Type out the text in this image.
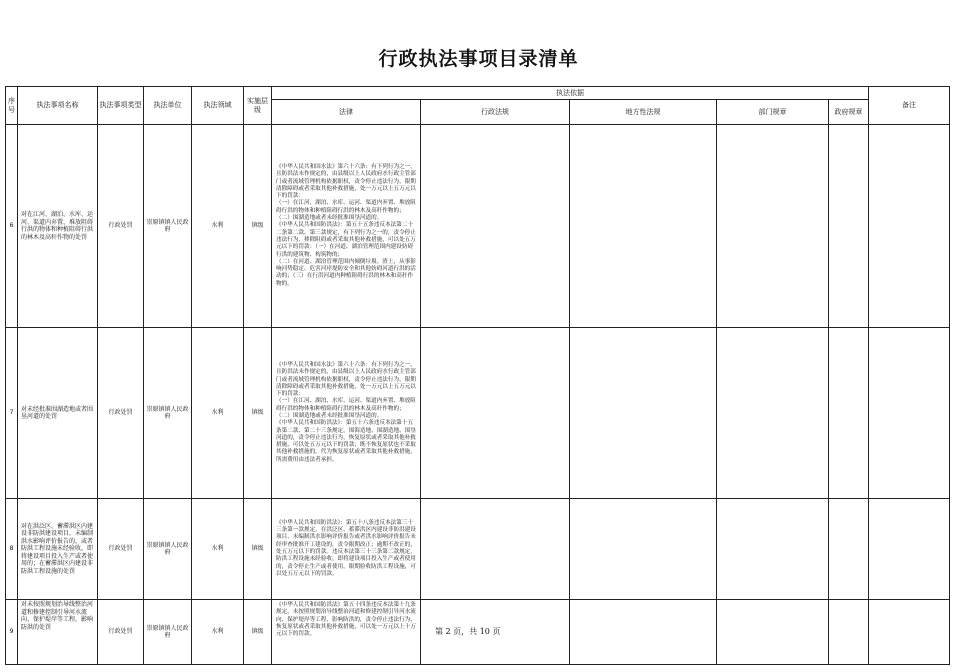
行政执法事项目录清单
序号	执法事项名称	执法事项类型	执法单位	执法领域	实施层级	执法依据					备注
						法律	行政法规	地方性法规	部门规章	政府规章	
6	对在江河、湖泊、水库、运河、渠道内弃置、堆放阻碍行洪的物体和种植阻碍行洪的林木及高秆作物的处罚	行政处罚	崇原镇镇人民政府	水利	镇级	《中华人民共和国水法》第六十六条：有下列行为之一，且防洪法未作规定的，由县级以上人民政府水行政主管部门或者流域管理机构依据职权，责令停止违法行为，限期清除障碍或者采取其他补救措施，处一万元以上五万元以下的罚款：
（一）在江河、湖泊、水库、运河、渠道内弃置、堆放阻碍行洪的物体和种植阻碍行洪的林木及高秆作物的；
（二）围湖造地或者未经批准围垦河道的。
《中华人民共和国防洪法》：第五十五条违反本法第二十二条第二款、第三款规定，有下列行为之一的，责令停止违法行为，排除阻碍或者采取其他补救措施，可以处五万元以下的罚款：（一）在河道、湖泊管理范围内建设妨碍行洪的建筑物、构筑物的；
（二）在河道、湖泊管理范围内倾倒垃圾、渣土，从事影响河势稳定、危害河岸堤防安全和其他妨碍河道行洪的活动的；（三）在行洪河道内种植阻碍行洪的林木和高秆作物的。					
7	对未经批准围湖造地或者围垦河道的处罚	行政处罚	崇原镇镇人民政府	水利	镇级	《中华人民共和国水法》第六十六条：有下列行为之一，且防洪法未作规定的，由县级以上人民政府水行政主管部门或者流域管理机构依据职权，责令停止违法行为，限期清除障碍或者采取其他补救措施，处一万元以上五万元以下的罚款：
（一）在江河、湖泊、水库、运河、渠道内弃置、堆放阻碍行洪的物体和种植阻碍行洪的林木及高秆作物的；
（二）围湖造地或者未经批准围垦河道的。
《中华人民共和国防洪法》：第五十六条违反本法第十五条第二款、第二十三条规定，围海造地、围湖造地、围垦河道的，责令停止违法行为，恢复原状或者采取其他补救措施，可以处五万元以下的罚款；既不恢复原状也不采取其他补救措施的，代为恢复原状或者采取其他补救措施，所需费用由违法者承担。					
8	对在洪泛区、蓄滞洪区内建设非防洪建设项目，未编制洪水影响评价报告的，或者防洪工程设施未经验收，即将建设项目投入生产或者使用的；在蓄滞洪区内建设非防洪工程设施的处罚	行政处罚	崇原镇镇人民政府	水利	镇级	《中华人民共和国防洪法》：第五十八条违反本法第三十三条第一款规定，在洪泛区、蓄滞洪区内建设非防洪建设项目，未编制洪水影响评价报告或者洪水影响评价报告未经审查批准开工建设的，责令限期改正；逾期不改正的，处五万元以下的罚款。违反本法第三十三条第二款规定，防洪工程设施未经验收，即将建设项目投入生产或者使用的，责令停止生产或者使用，限期验收防洪工程设施，可以处五万元以下的罚款。					
9	对未按照规划治导线整治河道和修建控制引导河水流向、保护堤岸等工程，影响防洪的处罚	行政处罚	崇原镇镇人民政府	水利	镇级	《中华人民共和国防洪法》第五十四条违反本法第十九条规定，未按照规划治导线整治河道和修建控制引导河水流向、保护堤岸等工程，影响防洪的，责令停止违法行为，恢复原状或者采取其他补救措施，可以处一万元以上十万元以下的罚款。						第 2 页，共 10 页
